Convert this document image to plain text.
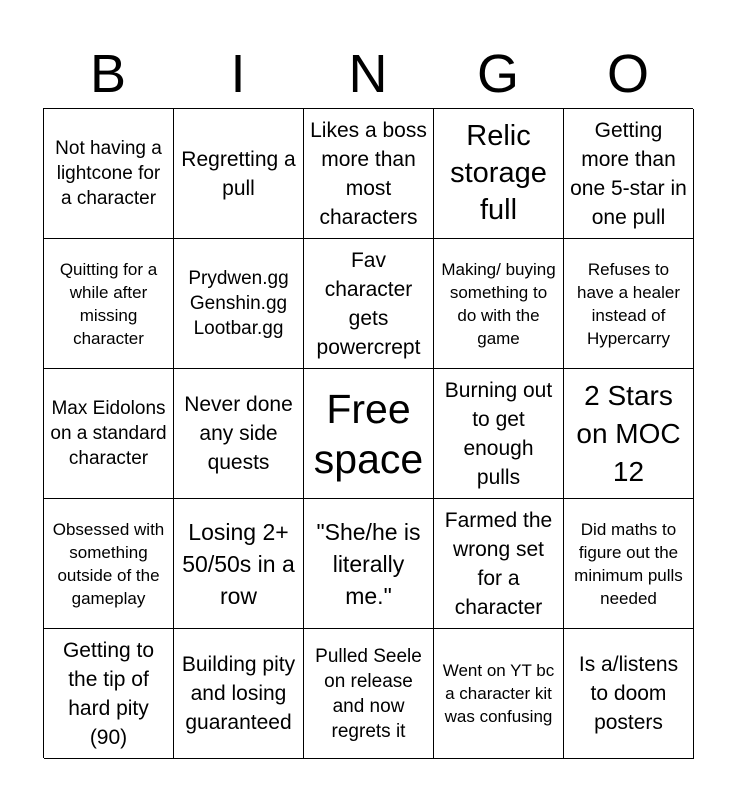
B	I	N	G	O
Not having a lightcone for a character
Regretting a pull
Likes a boss more than most characters
Relic storage full
Getting more than one 5-star in one pull
Quitting for a while after missing character
Prydwen.gg Genshin.gg Lootbar.gg
Fav character gets powercrept
Making/ buying something to do with the game
Refuses to have a healer instead of Hypercarry
Max Eidolons on a standard character
Never done any side quests
Free space
Burning out to get enough pulls
2 Stars on MOC 12
Obsessed with something outside of the gameplay
Losing 2+ 50/50s in a row
"She/he is literally me."
Farmed the wrong set for a character
Did maths to figure out the minimum pulls needed
Getting to the tip of hard pity (90)
Building pity and losing guaranteed
Pulled Seele on release and now regrets it
Went on YT bc a character kit was confusing
Is a/listens to doom posters
